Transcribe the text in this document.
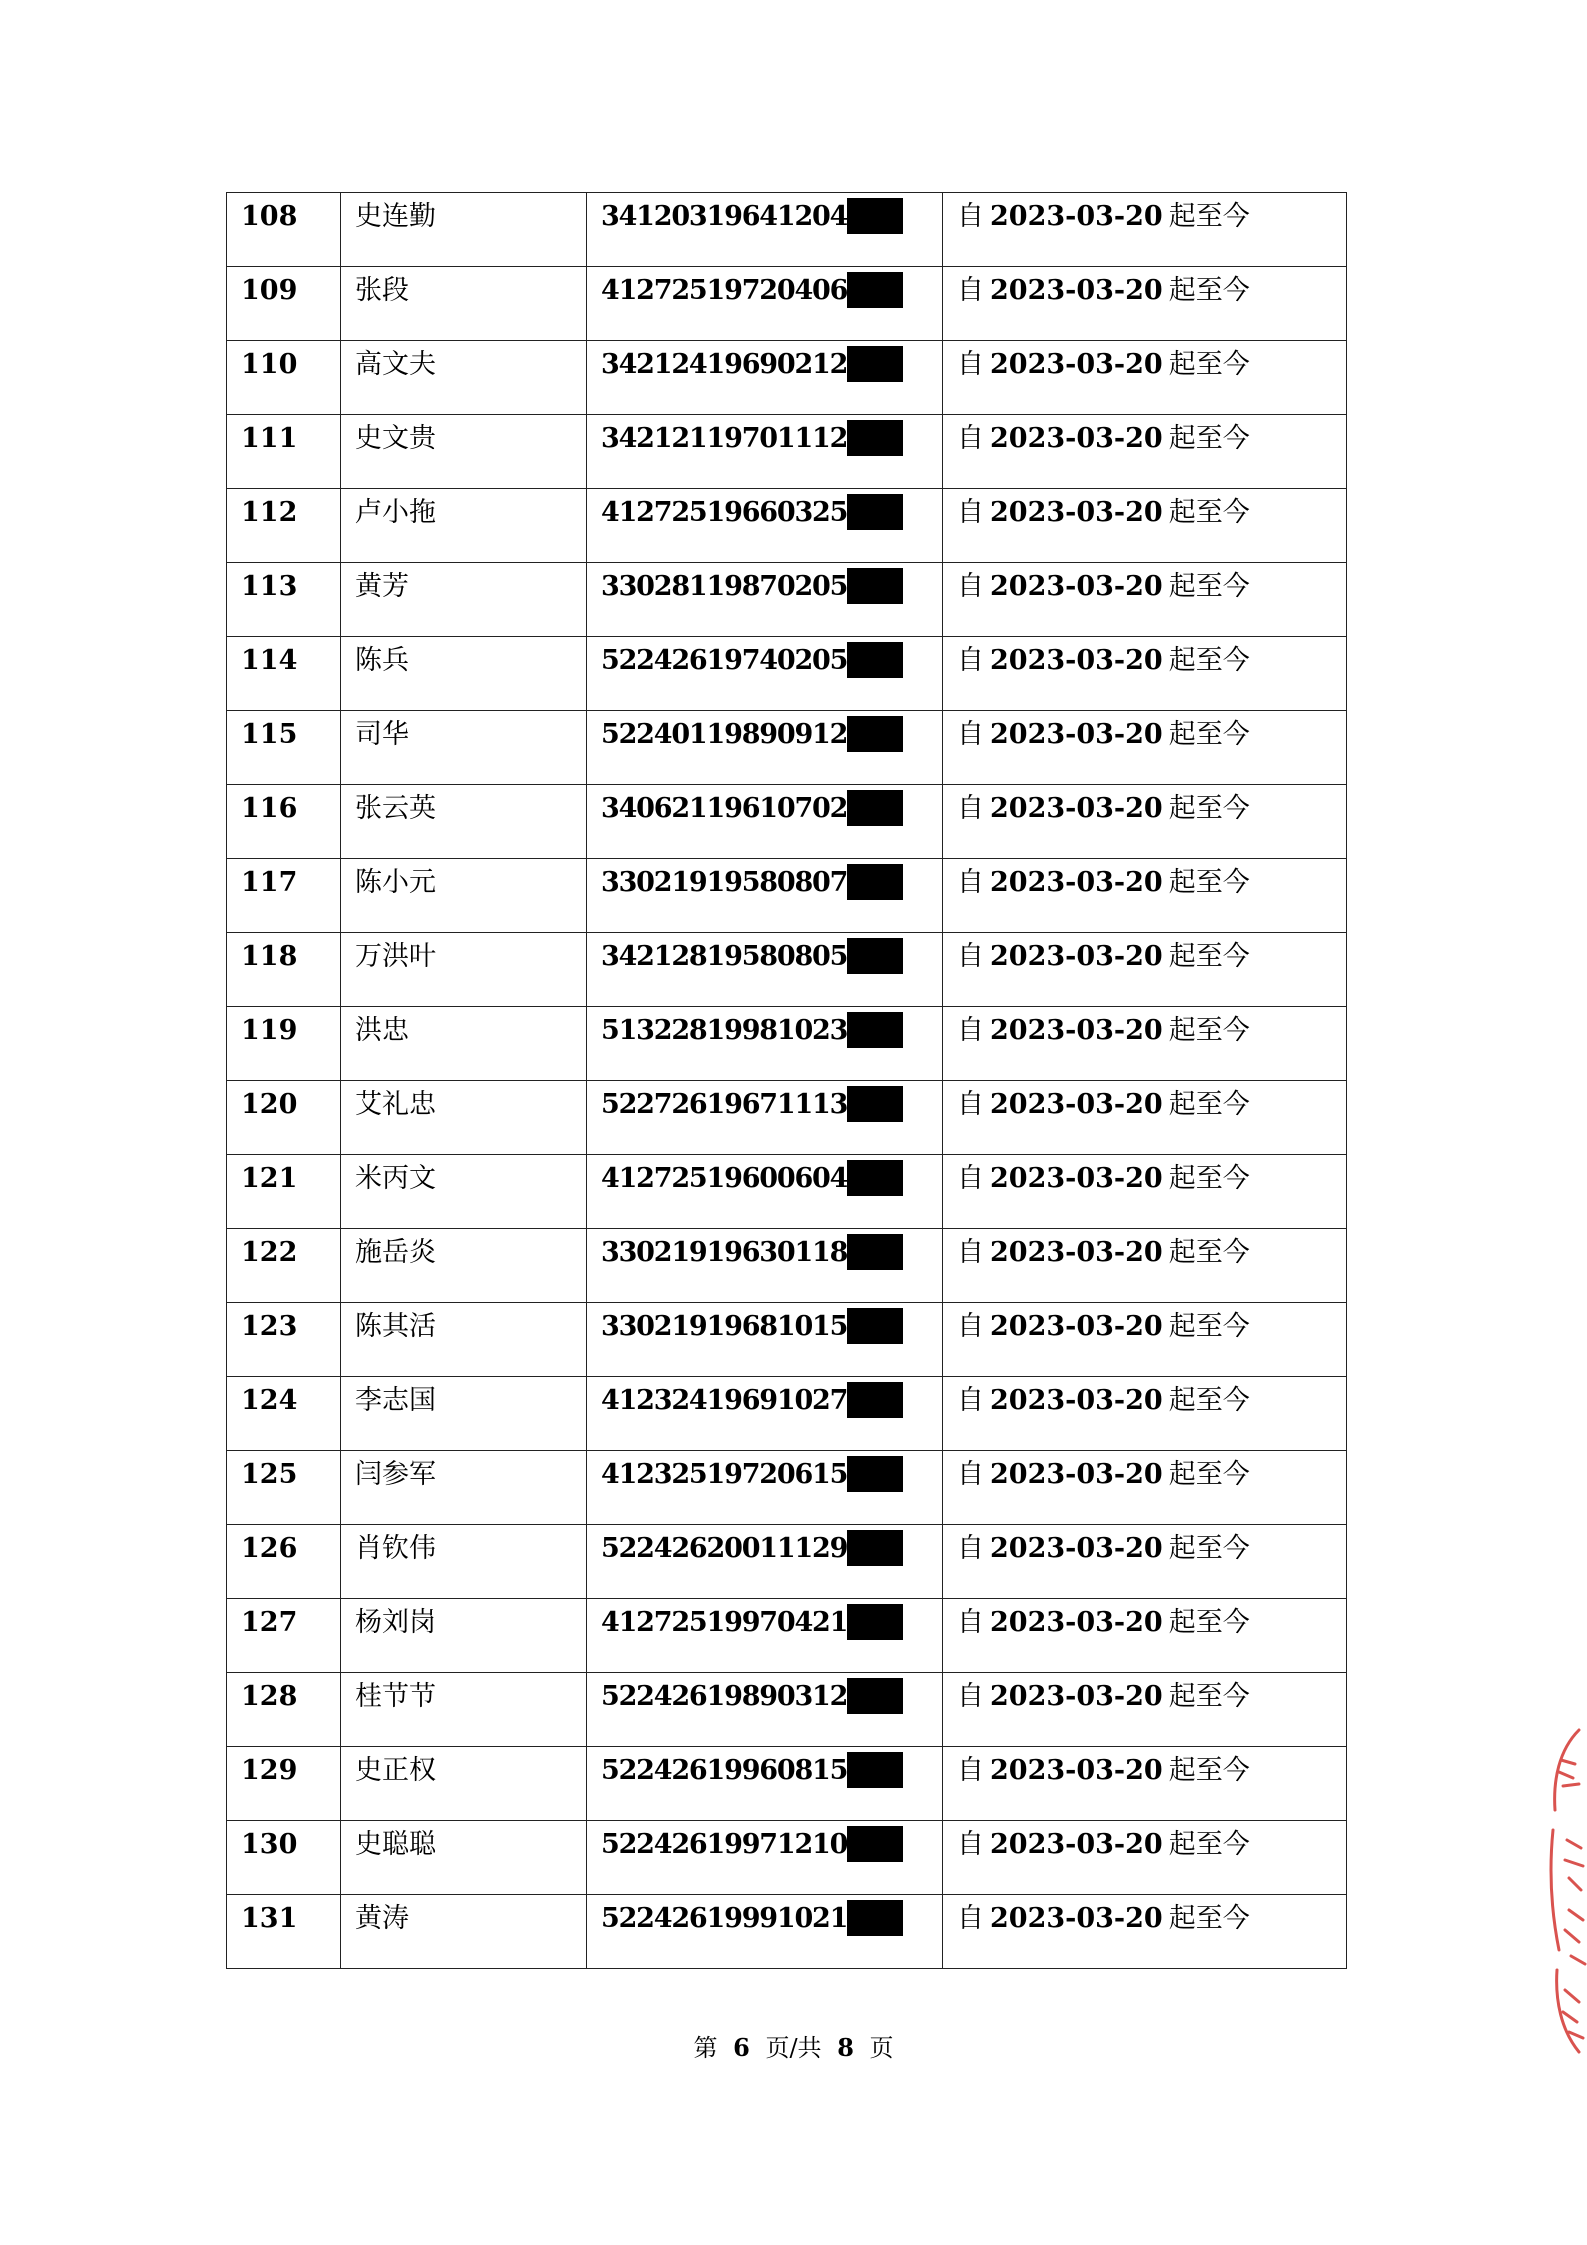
108	史连勤	34120319641204	自 2023-03-20 起至今
109	张段	41272519720406	自 2023-03-20 起至今
110	高文夫	34212419690212	自 2023-03-20 起至今
111	史文贵	34212119701112	自 2023-03-20 起至今
112	卢小拖	41272519660325	自 2023-03-20 起至今
113	黄芳	33028119870205	自 2023-03-20 起至今
114	陈兵	52242619740205	自 2023-03-20 起至今
115	司华	52240119890912	自 2023-03-20 起至今
116	张云英	34062119610702	自 2023-03-20 起至今
117	陈小元	33021919580807	自 2023-03-20 起至今
118	万洪叶	34212819580805	自 2023-03-20 起至今
119	洪忠	51322819981023	自 2023-03-20 起至今
120	艾礼忠	52272619671113	自 2023-03-20 起至今
121	米丙文	41272519600604	自 2023-03-20 起至今
122	施岳炎	33021919630118	自 2023-03-20 起至今
123	陈其活	33021919681015	自 2023-03-20 起至今
124	李志国	41232419691027	自 2023-03-20 起至今
125	闫参军	41232519720615	自 2023-03-20 起至今
126	肖钦伟	52242620011129	自 2023-03-20 起至今
127	杨刘岗	41272519970421	自 2023-03-20 起至今
128	桂节节	52242619890312	自 2023-03-20 起至今
129	史正权	52242619960815	自 2023-03-20 起至今
130	史聪聪	52242619971210	自 2023-03-20 起至今
131	黄涛	52242619991021	自 2023-03-20 起至今
第 6 页/共 8 页
